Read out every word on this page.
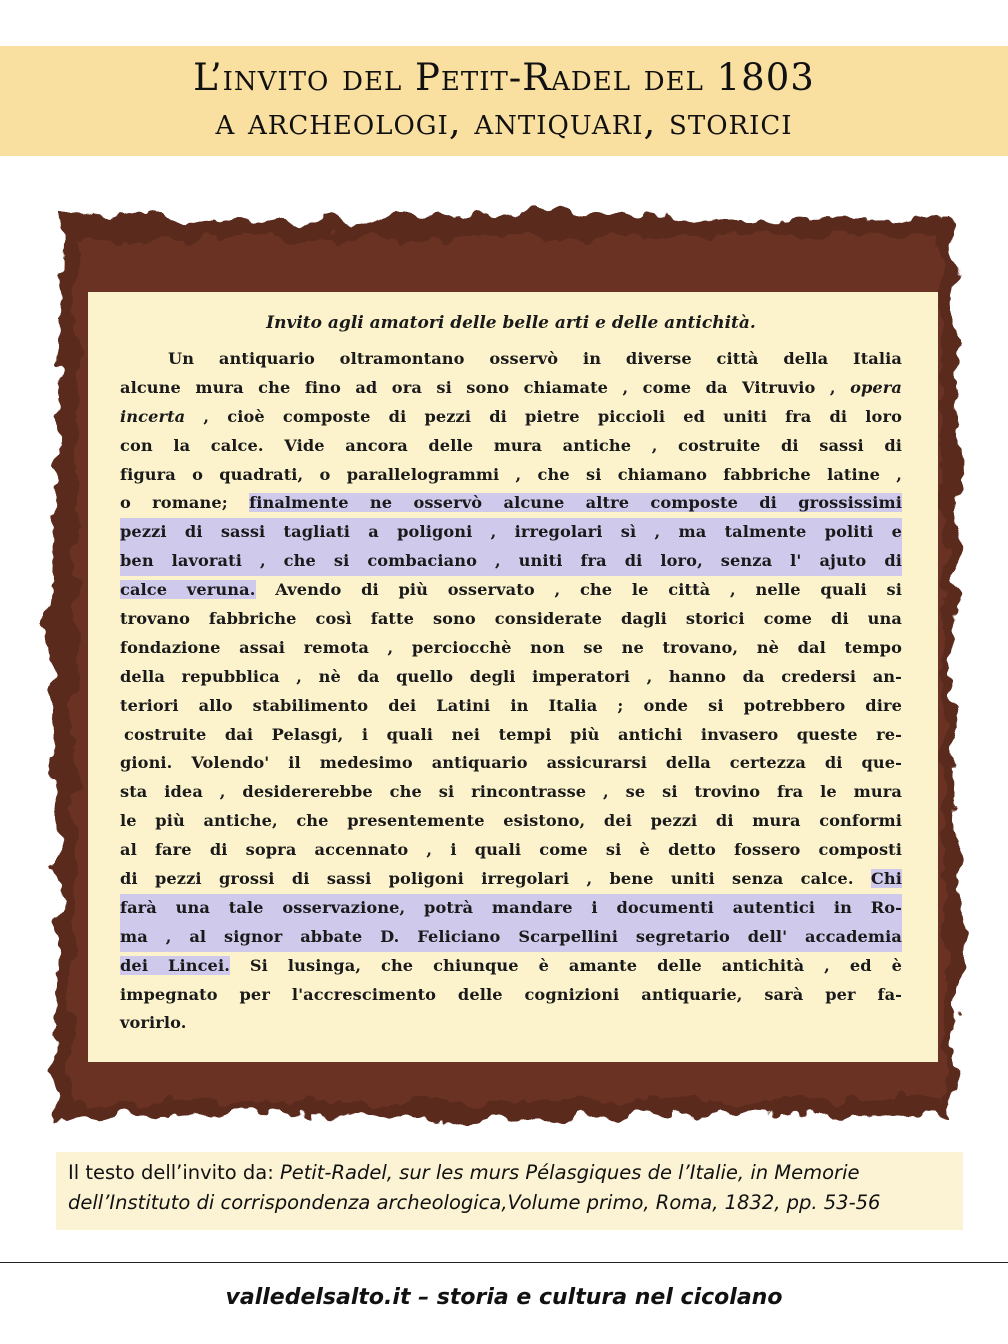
L’invito del Petit-Radel del 1803
a archeologi, antiquari, storici
Invito agli amatori delle belle arti e delle antichità.
Un antiquario oltramontano osservò in diverse città della Italia
alcune mura che fino ad ora si sono chiamate , come da Vitruvio , opera
incerta , cioè composte di pezzi di pietre piccioli ed uniti fra di loro
con la calce. Vide ancora delle mura antiche , costruite di sassi di
figura o quadrati, o parallelogrammi , che si chiamano fabbriche latine ,
o romane; finalmente ne osservò alcune altre composte di grossissimi
pezzi di sassi tagliati a poligoni , irregolari sì , ma talmente politi e
ben lavorati , che si combaciano , uniti fra di loro, senza l' ajuto di
calce veruna. Avendo di più osservato , che le città , nelle quali si
trovano fabbriche così fatte sono considerate dagli storici come di una
fondazione assai remota , perciocchè non se ne trovano, nè dal tempo
della repubblica , nè da quello degli imperatori , hanno da credersi an-
teriori allo stabilimento dei Latini in Italia ; onde si potrebbero dire
costruite dai Pelasgi, i quali nei tempi più antichi invasero queste re-
gioni. Volendo' il medesimo antiquario assicurarsi della certezza di que-
sta idea , desidererebbe che si rincontrasse , se si trovino fra le mura
le più antiche, che presentemente esistono, dei pezzi di mura conformi
al fare di sopra accennato , i quali come si è detto fossero composti
di pezzi grossi di sassi poligoni irregolari , bene uniti senza calce. Chi
farà una tale osservazione, potrà mandare i documenti autentici in Ro-
ma , al signor abbate D. Feliciano Scarpellini segretario dell' accademia
dei Lincei. Si lusinga, che chiunque è amante delle antichità , ed è
impegnato per l'accrescimento delle cognizioni antiquarie, sarà per fa-
vorirlo.

Il testo dell’invito da: Petit-Radel, sur les murs Pélasgiques de l’Italie, in Memorie
dell’Instituto di corrispondenza archeologica,Volume primo, Roma, 1832, pp. 53-56

valledelsalto.it – storia e cultura nel cicolano
